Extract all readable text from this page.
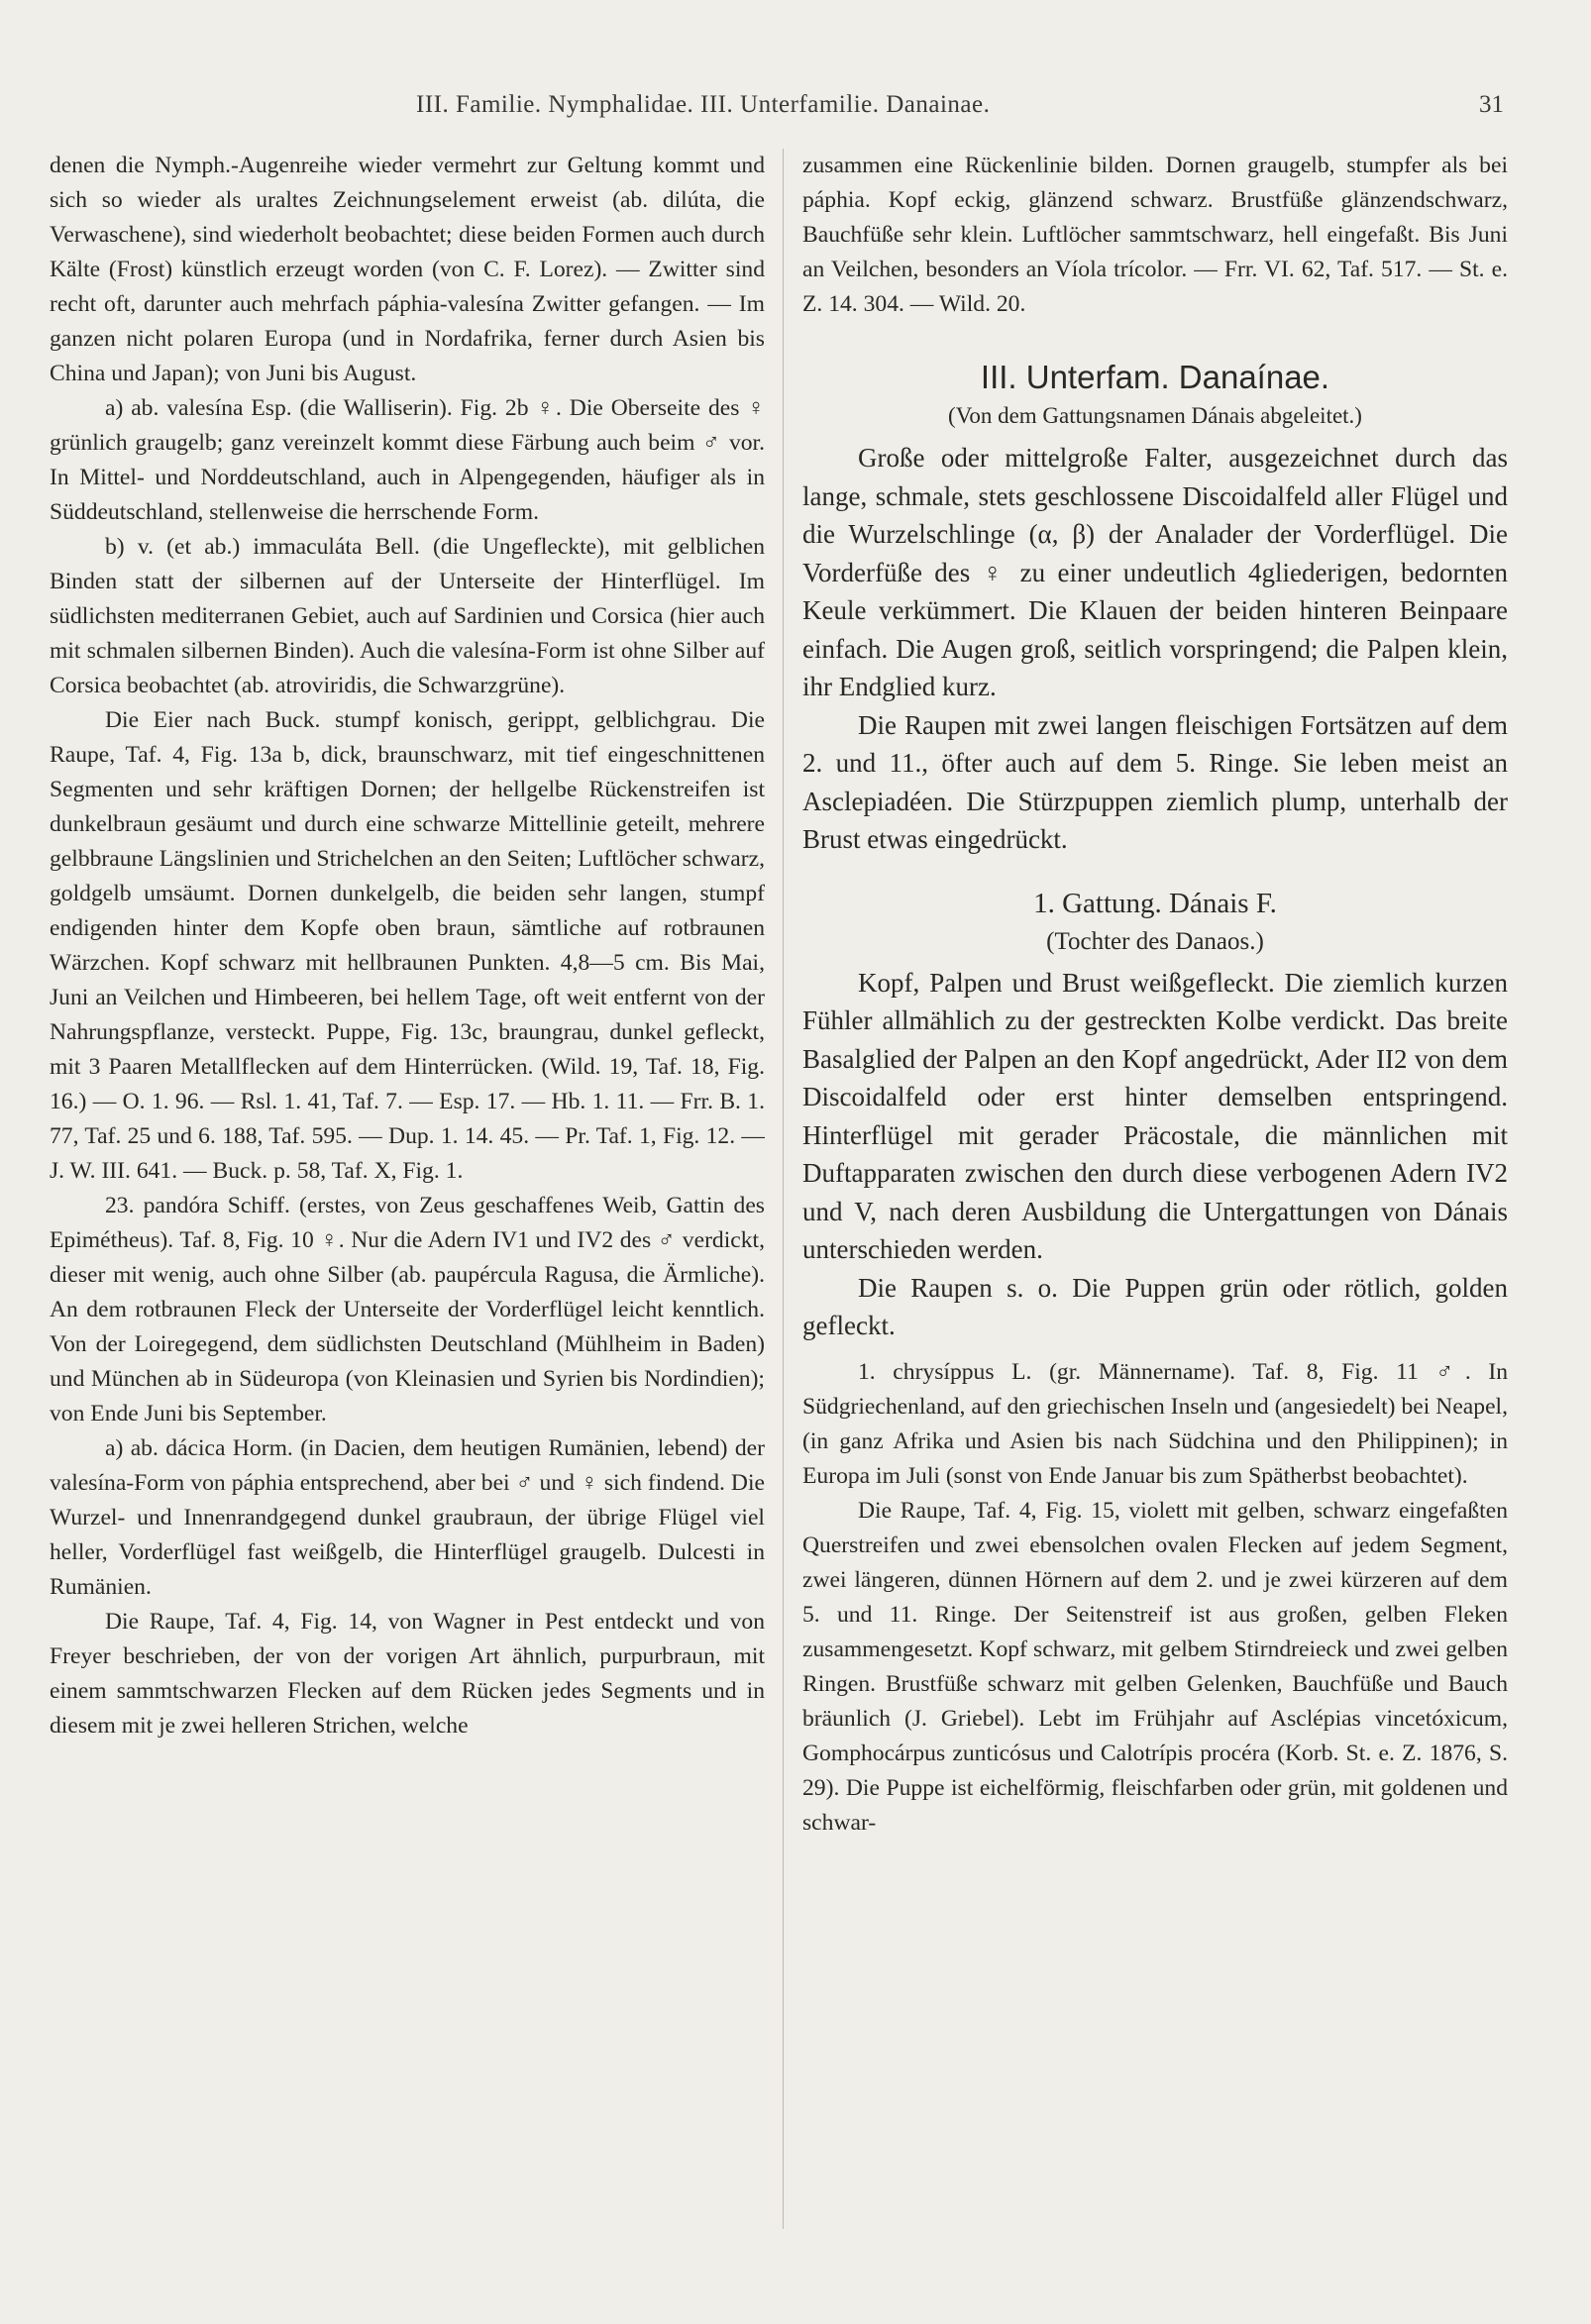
III. Familie. Nymphalidae. III. Unterfamilie. Danainae.	31

denen die Nymph.-Augenreihe wieder vermehrt zur Geltung kommt und sich so wieder als uraltes Zeichnungselement erweist (ab. dilúta, die Verwaschene), sind wiederholt beobachtet; diese beiden Formen auch durch Kälte (Frost) künstlich erzeugt worden (von C. F. Lorez). — Zwitter sind recht oft, darunter auch mehrfach páphia-valesína Zwitter gefangen. — Im ganzen nicht polaren Europa (und in Nordafrika, ferner durch Asien bis China und Japan); von Juni bis August.

a) ab. valesína Esp. (die Walliserin). Fig. 2b ♀. Die Oberseite des ♀ grünlich graugelb; ganz vereinzelt kommt diese Färbung auch beim ♂ vor. In Mittel- und Norddeutschland, auch in Alpengegenden, häufiger als in Süddeutschland, stellenweise die herrschende Form.

b) v. (et ab.) immaculáta Bell. (die Ungefleckte), mit gelblichen Binden statt der silbernen auf der Unterseite der Hinterflügel. Im südlichsten mediterranen Gebiet, auch auf Sardinien und Corsica (hier auch mit schmalen silbernen Binden). Auch die valesína-Form ist ohne Silber auf Corsica beobachtet (ab. atroviridis, die Schwarzgrüne).

Die Eier nach Buck. stumpf konisch, gerippt, gelblichgrau. Die Raupe, Taf. 4, Fig. 13a b, dick, braunschwarz, mit tief eingeschnittenen Segmenten und sehr kräftigen Dornen; der hellgelbe Rückenstreifen ist dunkelbraun gesäumt und durch eine schwarze Mittellinie geteilt, mehrere gelbbraune Längslinien und Strichelchen an den Seiten; Luftlöcher schwarz, goldgelb umsäumt. Dornen dunkelgelb, die beiden sehr langen, stumpf endigenden hinter dem Kopfe oben braun, sämtliche auf rotbraunen Wärzchen. Kopf schwarz mit hellbraunen Punkten. 4,8—5 cm. Bis Mai, Juni an Veilchen und Himbeeren, bei hellem Tage, oft weit entfernt von der Nahrungspflanze, versteckt. Puppe, Fig. 13c, braungrau, dunkel gefleckt, mit 3 Paaren Metallflecken auf dem Hinterrücken. (Wild. 19, Taf. 18, Fig. 16.) — O. 1. 96. — Rsl. 1. 41, Taf. 7. — Esp. 17. — Hb. 1. 11. — Frr. B. 1. 77, Taf. 25 und 6. 188, Taf. 595. — Dup. 1. 14. 45. — Pr. Taf. 1, Fig. 12. — J. W. III. 641. — Buck. p. 58, Taf. X, Fig. 1.

23. pandóra Schiff. (erstes, von Zeus geschaffenes Weib, Gattin des Epimétheus). Taf. 8, Fig. 10 ♀. Nur die Adern IV1 und IV2 des ♂ verdickt, dieser mit wenig, auch ohne Silber (ab. paupércula Ragusa, die Ärmliche). An dem rotbraunen Fleck der Unterseite der Vorderflügel leicht kenntlich. Von der Loiregegend, dem südlichsten Deutschland (Mühlheim in Baden) und München ab in Südeuropa (von Kleinasien und Syrien bis Nordindien); von Ende Juni bis September.

a) ab. dácica Horm. (in Dacien, dem heutigen Rumänien, lebend) der valesína-Form von páphia entsprechend, aber bei ♂ und ♀ sich findend. Die Wurzel- und Innenrandgegend dunkel graubraun, der übrige Flügel viel heller, Vorderflügel fast weißgelb, die Hinterflügel graugelb. Dulcesti in Rumänien.

Die Raupe, Taf. 4, Fig. 14, von Wagner in Pest entdeckt und von Freyer beschrieben, der von der vorigen Art ähnlich, purpurbraun, mit einem sammtschwarzen Flecken auf dem Rücken jedes Segments und in diesem mit je zwei helleren Strichen, welche

zusammen eine Rückenlinie bilden. Dornen graugelb, stumpfer als bei páphia. Kopf eckig, glänzend schwarz. Brustfüße glänzendschwarz, Bauchfüße sehr klein. Luftlöcher sammtschwarz, hell eingefaßt. Bis Juni an Veilchen, besonders an Víola trícolor. — Frr. VI. 62, Taf. 517. — St. e. Z. 14. 304. — Wild. 20.

III. Unterfam. Danaínae.
(Von dem Gattungsnamen Dánais abgeleitet.)

Große oder mittelgroße Falter, ausgezeichnet durch das lange, schmale, stets geschlossene Discoidalfeld aller Flügel und die Wurzelschlinge (α, β) der Analader der Vorderflügel. Die Vorderfüße des ♀ zu einer undeutlich 4gliederigen, bedornten Keule verkümmert. Die Klauen der beiden hinteren Beinpaare einfach. Die Augen groß, seitlich vorspringend; die Palpen klein, ihr Endglied kurz.

Die Raupen mit zwei langen fleischigen Fortsätzen auf dem 2. und 11., öfter auch auf dem 5. Ringe. Sie leben meist an Asclepiadéen. Die Stürzpuppen ziemlich plump, unterhalb der Brust etwas eingedrückt.

1. Gattung. Dánais F.
(Tochter des Danaos.)

Kopf, Palpen und Brust weißgefleckt. Die ziemlich kurzen Fühler allmählich zu der gestreckten Kolbe verdickt. Das breite Basalglied der Palpen an den Kopf angedrückt, Ader II2 von dem Discoidalfeld oder erst hinter demselben entspringend. Hinterflügel mit gerader Präcostale, die männlichen mit Duftapparaten zwischen den durch diese verbogenen Adern IV2 und V, nach deren Ausbildung die Untergattungen von Dánais unterschieden werden.

Die Raupen s. o. Die Puppen grün oder rötlich, golden gefleckt.

1. chrysíppus L. (gr. Männername). Taf. 8, Fig. 11 ♂. In Südgriechenland, auf den griechischen Inseln und (angesiedelt) bei Neapel, (in ganz Afrika und Asien bis nach Südchina und den Philippinen); in Europa im Juli (sonst von Ende Januar bis zum Spätherbst beobachtet).

Die Raupe, Taf. 4, Fig. 15, violett mit gelben, schwarz eingefaßten Querstreifen und zwei ebensolchen ovalen Flecken auf jedem Segment, zwei längeren, dünnen Hörnern auf dem 2. und je zwei kürzeren auf dem 5. und 11. Ringe. Der Seitenstreif ist aus großen, gelben Fleken zusammengesetzt. Kopf schwarz, mit gelbem Stirndreieck und zwei gelben Ringen. Brustfüße schwarz mit gelben Gelenken, Bauchfüße und Bauch bräunlich (J. Griebel). Lebt im Frühjahr auf Asclépias vincetóxicum, Gomphocárpus zunticósus und Calotrípis procéra (Korb. St. e. Z. 1876, S. 29). Die Puppe ist eichelförmig, fleischfarben oder grün, mit goldenen und schwar-
